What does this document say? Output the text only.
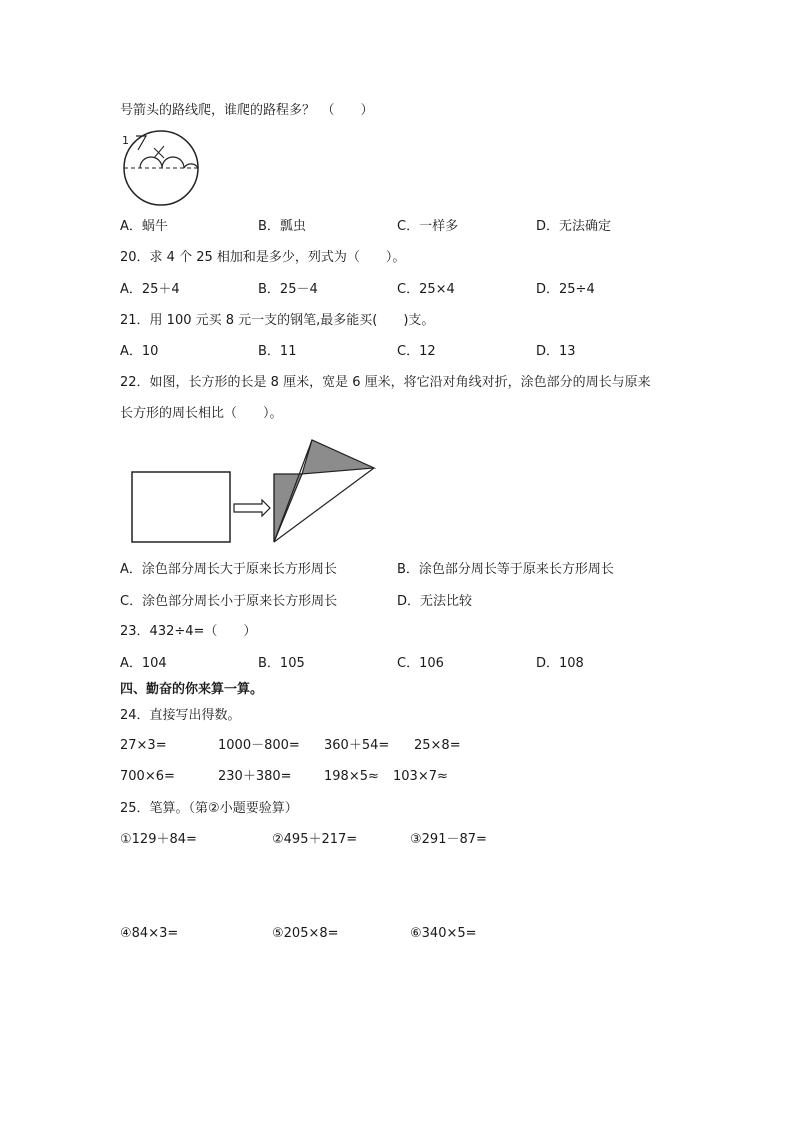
号箭头的路线爬，谁爬的路程多？　（　　）
1
A．蜗牛	B．瓢虫	C．一样多	D．无法确定
20．求 4 个 25 相加和是多少，列式为（　　）。
A．25＋4	B．25－4	C．25×4	D．25÷4
21．用 100 元买 8 元一支的钢笔,最多能买(　　)支。
A．10	B．11	C．12	D．13
22．如图，长方形的长是 8 厘米，宽是 6 厘米，将它沿对角线对折，涂色部分的周长与原来
长方形的周长相比（　　）。
A．涂色部分周长大于原来长方形周长	B．涂色部分周长等于原来长方形周长
C．涂色部分周长小于原来长方形周长	D．无法比较
23．432÷4=（　　）
A．104	B．105	C．106	D．108
四、勤奋的你来算一算。
24．直接写出得数。
27×3=	1000－800= 360＋54= 25×8=
700×6=	230＋380= 198×5≈ 103×7≈
25．笔算。（第②小题要验算）
①129＋84=	②495＋217=	③291－87=
④84×3=	⑤205×8=	⑥340×5=
